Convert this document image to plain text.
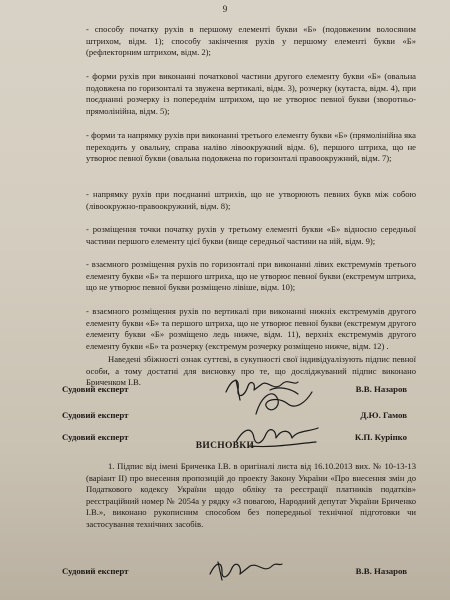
9
- способу початку рухів в першому елементі букви «Б» (подовженим волосяним штрихом, відм. 1); способу закінчення рухів у першому елементі букви «Б» (рефлекторним штрихом, відм. 2);
- форми рухів при виконанні початкової частини другого елементу букви «Б» (овальна подовжена по горизонталі та звужена вертикалі, відм. 3), розчерку (кутаста, відм. 4), при поєднанні розчерку із попереднім штрихом, що не утворює певної букви (зворотньо-прямолінійна, відм. 5);
- форми та напрямку рухів при виконанні третього елементу букви «Б» (прямолінійна яка переходить у овальну, справа наліво лівоокружний відм. 6), першого штриха, що не утворює певної букви (овальна подовжена по горизонталі правоокружний, відм. 7);
- напрямку рухів при поєднанні штрихів, що не утворюють певних букв між собою (лівоокружно-правоокружний, відм. 8);
- розміщення точки початку рухів у третьому елементі букви «Б» відносно середньої частини першого елементу цієї букви (вище середньої частини на ній, відм. 9);
- взаємного розміщення рухів по горизонталі при виконанні лівих екстремумів третього елементу букви «Б» та першого штриха, що не утворює певної букви (екстремум штриха, що не утворює певної букви розміщено лівіше, відм. 10);
- взаємного розміщення рухів по вертикалі при виконанні нижніх екстремумів другого елементу букви «Б» та першого штриха, що не утворює певної букви (екстремум другого елементу букви «Б» розміщено ледь нижче, відм. 11), верхніх екстремумів другого елементу букви «Б» та розчерку (екстремум розчерку розміщено нижче, відм. 12) .
Наведені збіжності ознак суттєві, в сукупності свої індивідуалізують підпис певної особи, а тому достатні для висновку про те, що досліджуваний підпис виконано Бриченком І.В.
Судовий експерт	В.В. Назаров
Судовий експерт	Д.Ю. Гамов
Судовий експерт	К.П. Куріпко
ВИСНОВКИ
1. Підпис від імені Бриченка І.В. в оригіналі листа від 16.10.2013 вих. № 10-13-13 (варіант ІІ) про внесення пропозицій до проекту Закону України «Про внесення змін до Податкового кодексу України щодо обліку та реєстрації платників податків» реєстраційний номер № 2054а у рядку «З повагою, Народний депутат України Бриченко І.В.», виконано рукописним способом без попередньої технічної підготовки чи застосування технічних засобів.
Судовий експерт	В.В. Назаров
